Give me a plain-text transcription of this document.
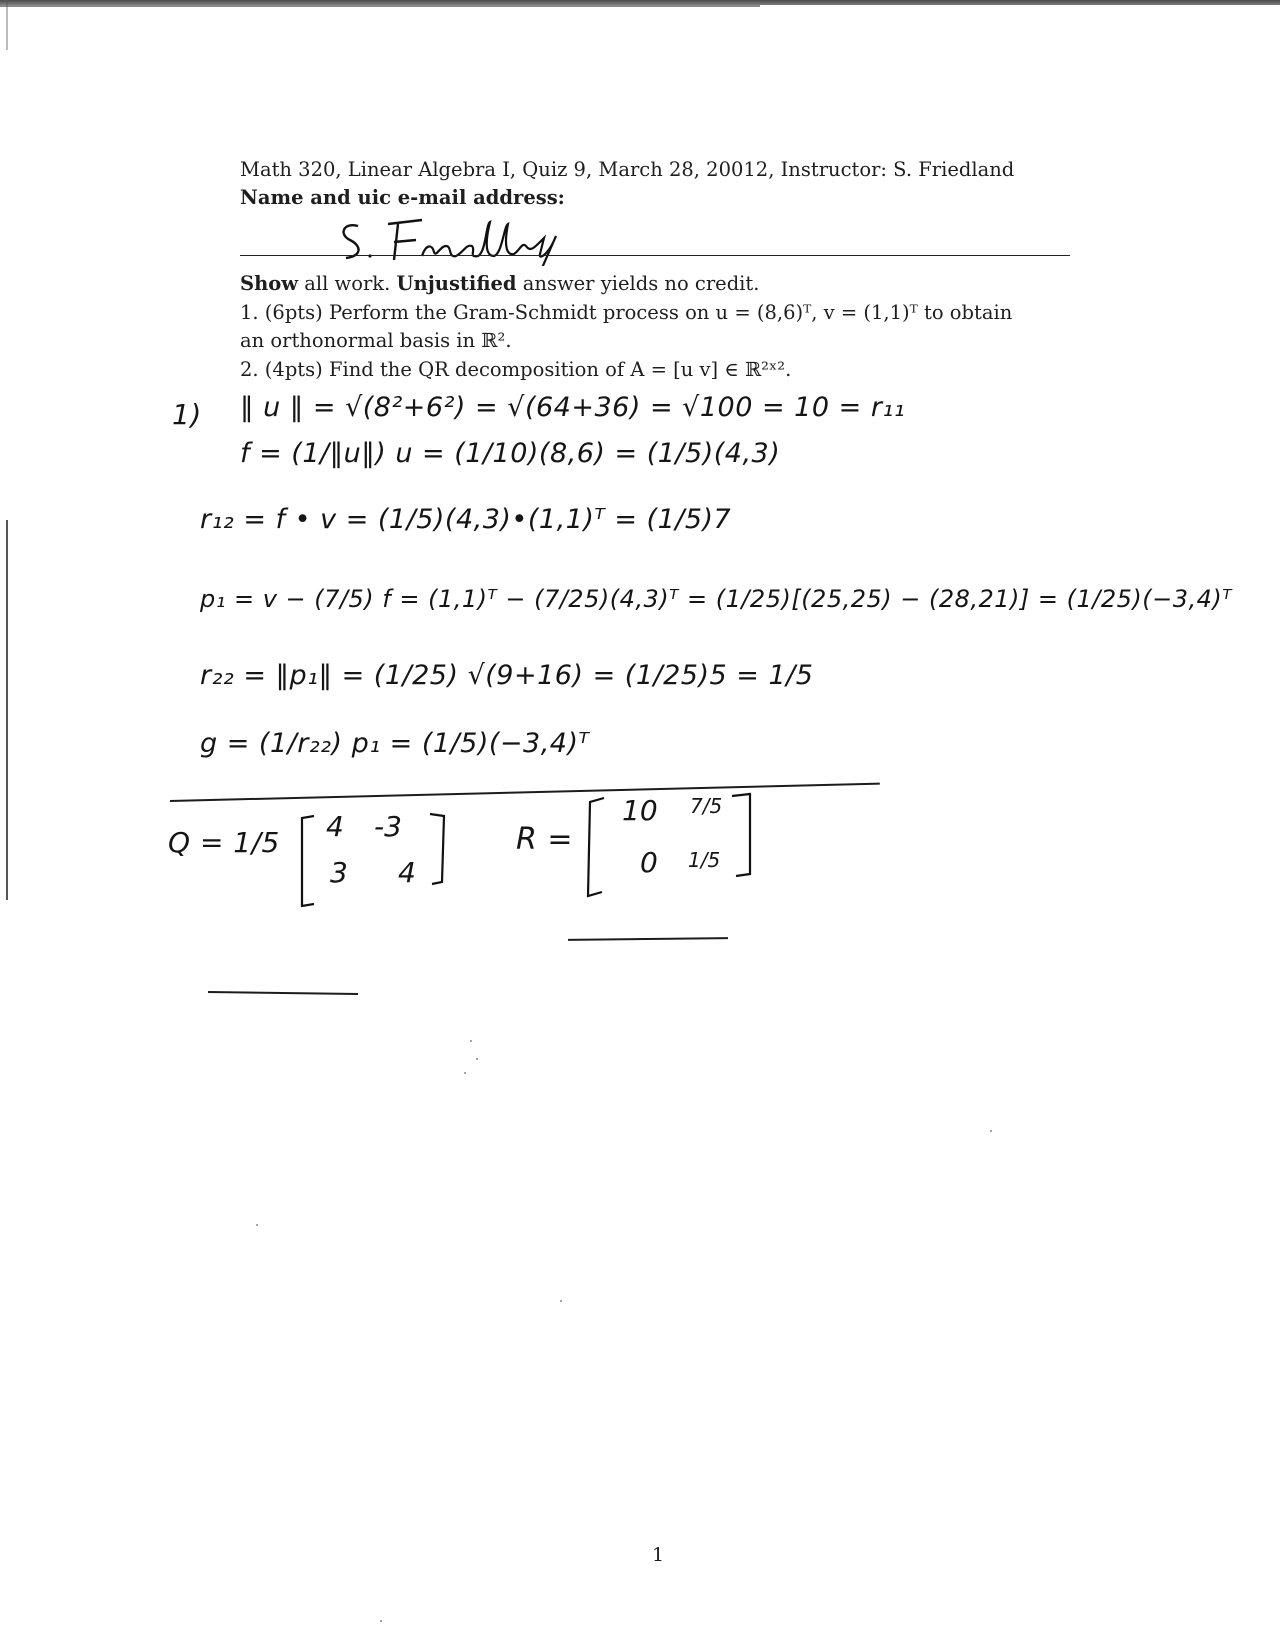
Math 320, Linear Algebra I, Quiz 9, March 28, 20012, Instructor: S. Friedland
Name and uic e-mail address:
Show all work. Unjustified answer yields no credit.
1. (6pts) Perform the Gram-Schmidt process on u = (8,6)ᵀ, v = (1,1)ᵀ to obtain
an orthonormal basis in ℝ².
2. (4pts) Find the QR decomposition of A = [u v] ∈ ℝ²ˣ².
1) ‖ u ‖ = √(8²+6²) = √(64+36) = √100 = 10 = r₁₁
f = (1/‖u‖) u = (1/10)(8,6) = (1/5)(4,3)
r₁₂ = f • v = (1/5)(4,3)•(1,1)ᵀ = (1/5)7
p₁ = v − (7/5) f = (1,1)ᵀ − (7/25)(4,3)ᵀ = (1/25)[(25,25) − (28,21)] = (1/25)(−3,4)ᵀ
r₂₂ = ‖p₁‖ = (1/25) √(9+16) = (1/25)5 = 1/5
g = (1/r₂₂) p₁ = (1/5)(−3,4)ᵀ
Q = 1/5 4 -3
3 4
R =
10 7/5
0 1/5
1
